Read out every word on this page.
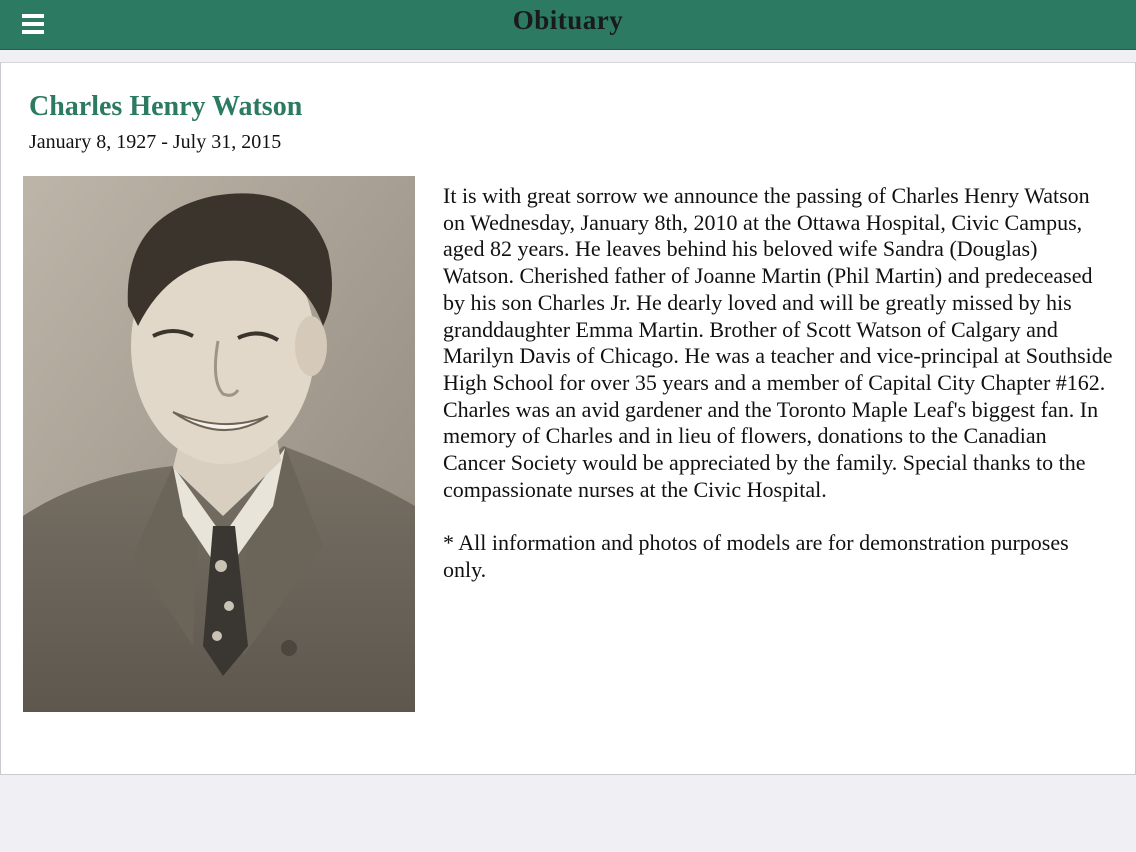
Obituary
Charles Henry Watson
January 8, 1927 - July 31, 2015

It is with great sorrow we announce the passing of Charles Henry Watson on Wednesday, January 8th, 2010 at the Ottawa Hospital, Civic Campus, aged 82 years. He leaves behind his beloved wife Sandra (Douglas) Watson. Cherished father of Joanne Martin (Phil Martin) and predeceased by his son Charles Jr. He dearly loved and will be greatly missed by his granddaughter Emma Martin. Brother of Scott Watson of Calgary and Marilyn Davis of Chicago. He was a teacher and vice-principal at Southside High School for over 35 years and a member of Capital City Chapter #162. Charles was an avid gardener and the Toronto Maple Leaf's biggest fan. In memory of Charles and in lieu of flowers, donations to the Canadian Cancer Society would be appreciated by the family. Special thanks to the compassionate nurses at the Civic Hospital.

* All information and photos of models are for demonstration purposes only.
